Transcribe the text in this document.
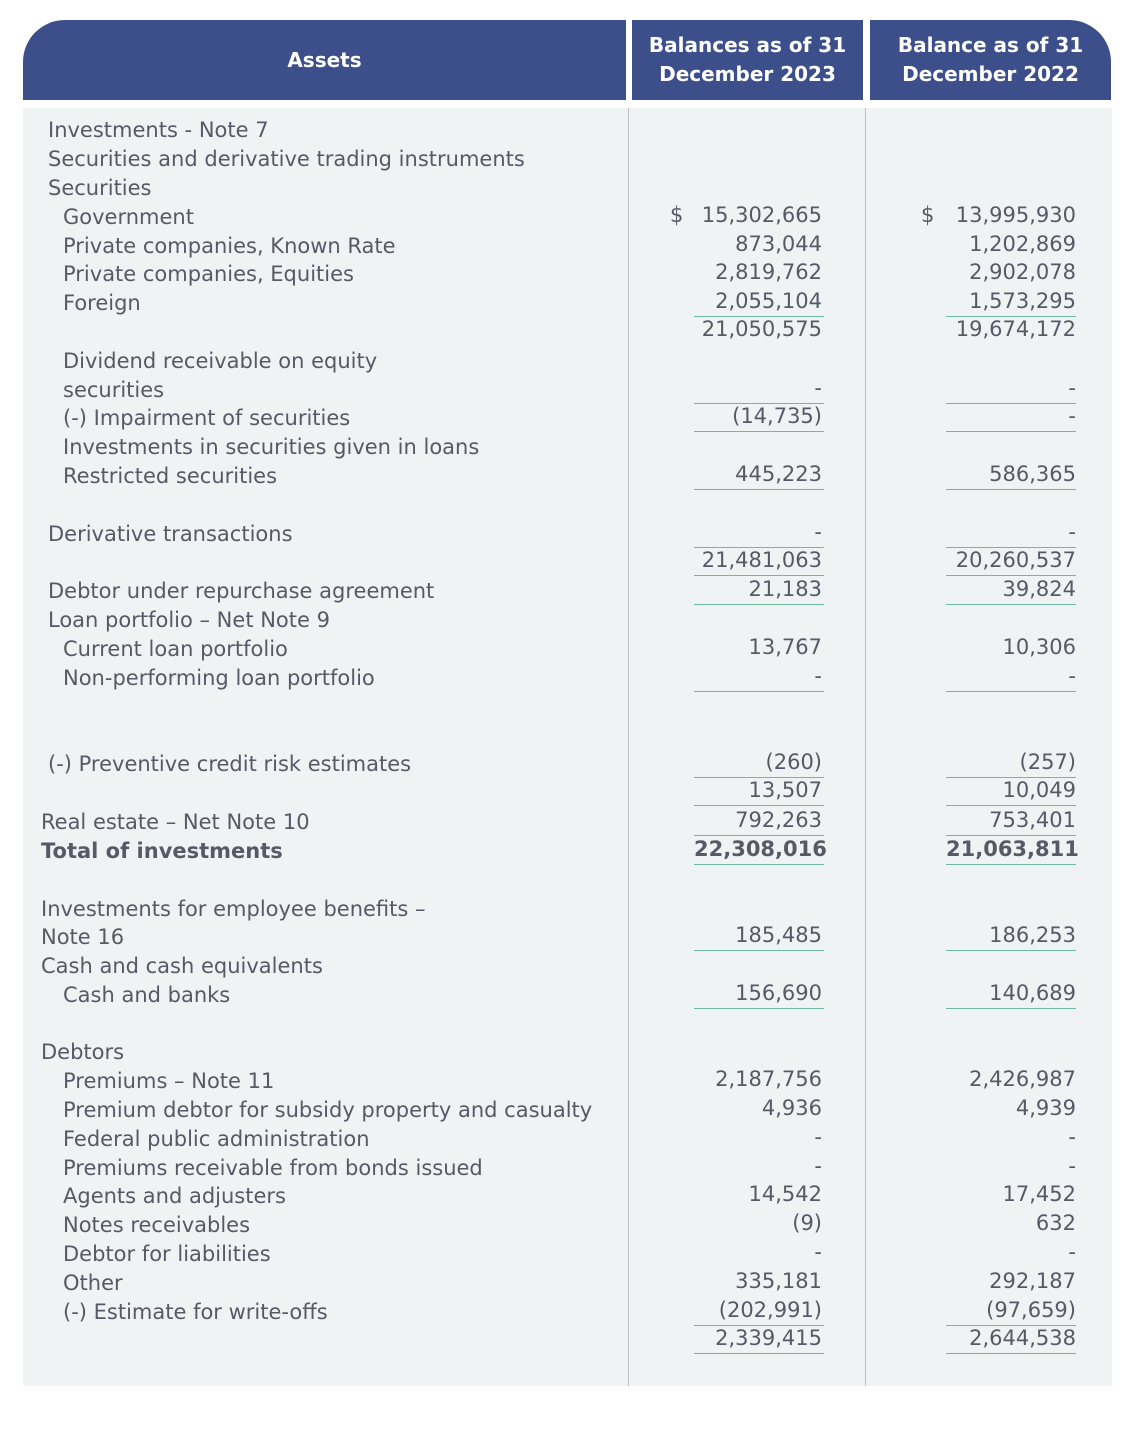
Assets
Balances as of 31 December 2023
Balance as of 31 December 2022
Investments - Note 7
Securities and derivative trading instruments
Securities
Government	15,302,665	13,995,930
$	$
Private companies, Known Rate	873,044	1,202,869
Private companies, Equities	2,819,762	2,902,078
Foreign	2,055,104	1,573,295
21,050,575	19,674,172
Dividend receivable on equity
securities	-	-
(-) Impairment of securities	(14,735)	-
Investments in securities given in loans
Restricted securities	445,223	586,365
Derivative transactions	-	-
21,481,063	20,260,537
Debtor under repurchase agreement	21,183	39,824
Loan portfolio – Net Note 9
Current loan portfolio	13,767	10,306
Non-performing loan portfolio	-	-
(-) Preventive credit risk estimates	(260)	(257)
13,507	10,049
Real estate – Net Note 10	792,263	753,401
Total of investments	22,308,016	21,063,811
Investments for employee benefits –
Note 16	185,485	186,253
Cash and cash equivalents
Cash and banks	156,690	140,689
Debtors
Premiums – Note 11	2,187,756	2,426,987
Premium debtor for subsidy property and casualty	4,936	4,939
Federal public administration	-	-
Premiums receivable from bonds issued	-	-
Agents and adjusters	14,542	17,452
Notes receivables	(9)	632
Debtor for liabilities	-	-
Other	335,181	292,187
(-) Estimate for write-offs	(202,991)	(97,659)
2,339,415	2,644,538
